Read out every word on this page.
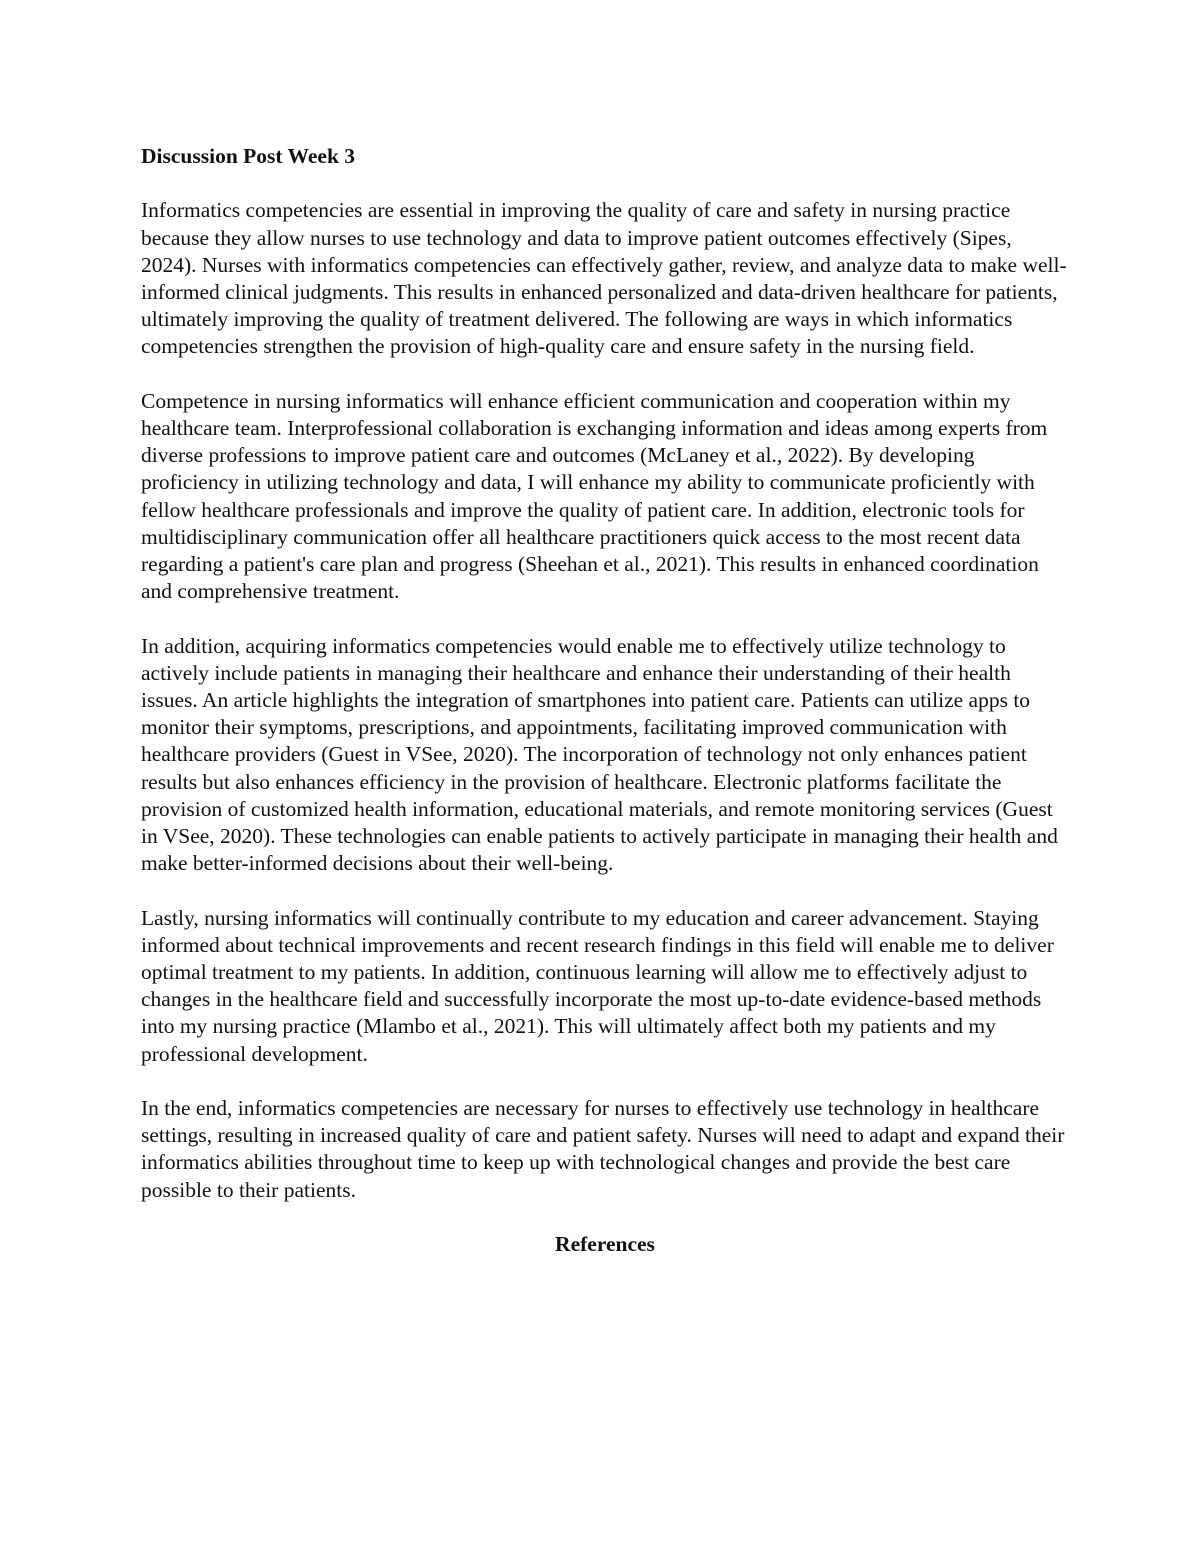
Discussion Post Week 3

Informatics competencies are essential in improving the quality of care and safety in nursing practice because they allow nurses to use technology and data to improve patient outcomes effectively (Sipes, 2024). Nurses with informatics competencies can effectively gather, review, and analyze data to make well-informed clinical judgments. This results in enhanced personalized and data-driven healthcare for patients, ultimately improving the quality of treatment delivered. The following are ways in which informatics competencies strengthen the provision of high-quality care and ensure safety in the nursing field.

Competence in nursing informatics will enhance efficient communication and cooperation within my healthcare team. Interprofessional collaboration is exchanging information and ideas among experts from diverse professions to improve patient care and outcomes (McLaney et al., 2022). By developing proficiency in utilizing technology and data, I will enhance my ability to communicate proficiently with fellow healthcare professionals and improve the quality of patient care. In addition, electronic tools for multidisciplinary communication offer all healthcare practitioners quick access to the most recent data regarding a patient's care plan and progress (Sheehan et al., 2021). This results in enhanced coordination and comprehensive treatment.

In addition, acquiring informatics competencies would enable me to effectively utilize technology to actively include patients in managing their healthcare and enhance their understanding of their health issues. An article highlights the integration of smartphones into patient care. Patients can utilize apps to monitor their symptoms, prescriptions, and appointments, facilitating improved communication with healthcare providers (Guest in VSee, 2020). The incorporation of technology not only enhances patient results but also enhances efficiency in the provision of healthcare. Electronic platforms facilitate the provision of customized health information, educational materials, and remote monitoring services (Guest in VSee, 2020). These technologies can enable patients to actively participate in managing their health and make better-informed decisions about their well-being.

Lastly, nursing informatics will continually contribute to my education and career advancement. Staying informed about technical improvements and recent research findings in this field will enable me to deliver optimal treatment to my patients. In addition, continuous learning will allow me to effectively adjust to changes in the healthcare field and successfully incorporate the most up-to-date evidence-based methods into my nursing practice (Mlambo et al., 2021). This will ultimately affect both my patients and my professional development.

In the end, informatics competencies are necessary for nurses to effectively use technology in healthcare settings, resulting in increased quality of care and patient safety. Nurses will need to adapt and expand their informatics abilities throughout time to keep up with technological changes and provide the best care possible to their patients.

References
